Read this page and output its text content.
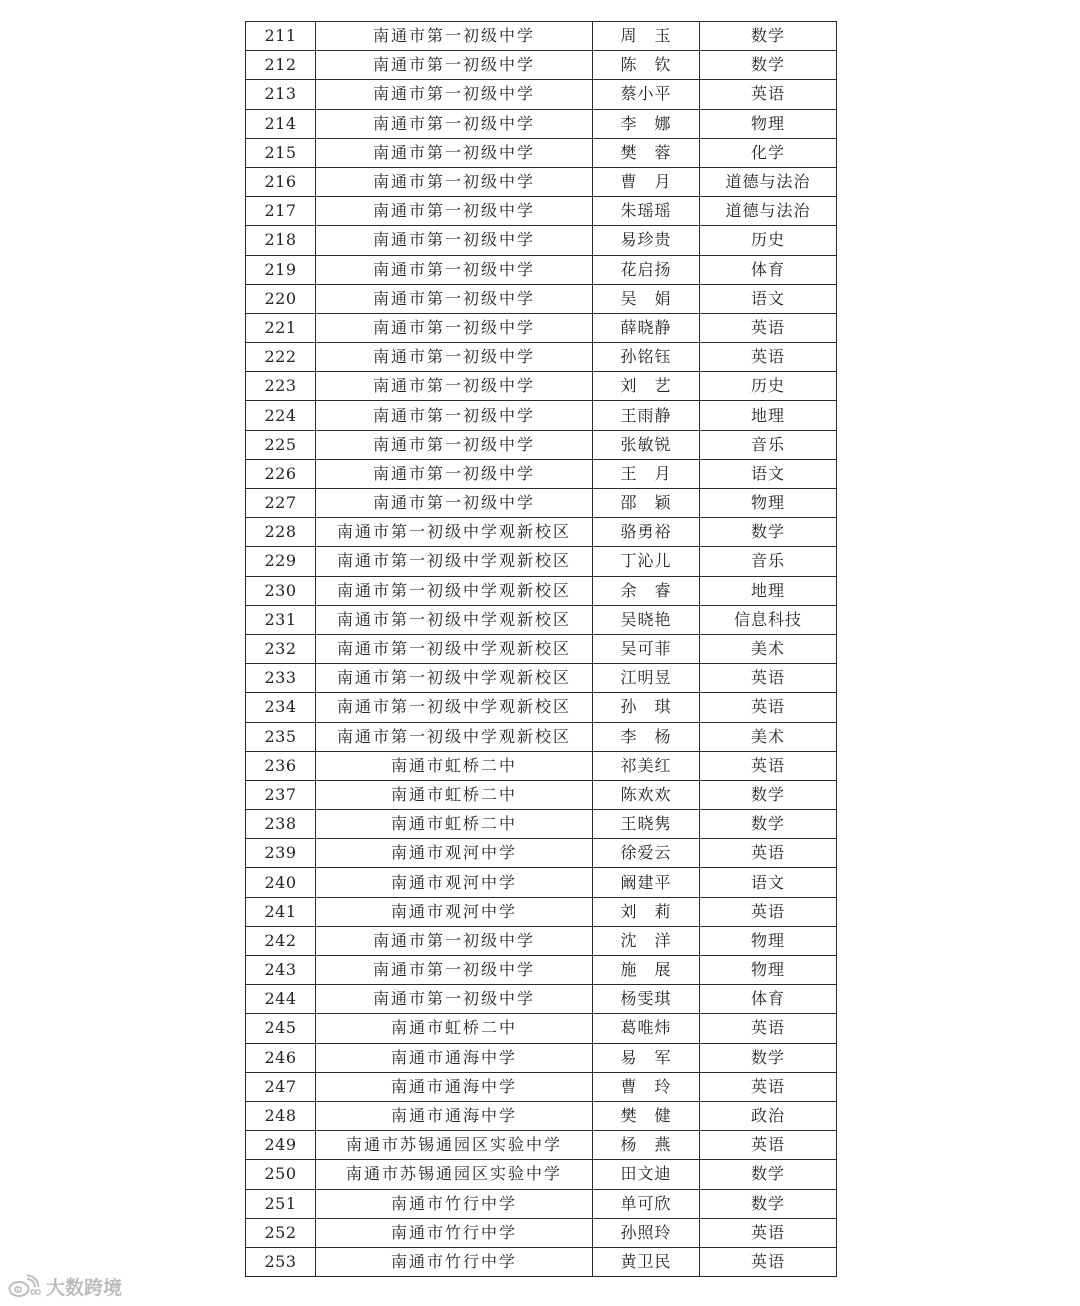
211	南通市第一初级中学	周　玉	数学
212	南通市第一初级中学	陈　钦	数学
213	南通市第一初级中学	蔡小平	英语
214	南通市第一初级中学	李　娜	物理
215	南通市第一初级中学	樊　蓉	化学
216	南通市第一初级中学	曹　月	道德与法治
217	南通市第一初级中学	朱瑶瑶	道德与法治
218	南通市第一初级中学	易珍贵	历史
219	南通市第一初级中学	花启扬	体育
220	南通市第一初级中学	吴　娟	语文
221	南通市第一初级中学	薛晓静	英语
222	南通市第一初级中学	孙铭钰	英语
223	南通市第一初级中学	刘　艺	历史
224	南通市第一初级中学	王雨静	地理
225	南通市第一初级中学	张敏锐	音乐
226	南通市第一初级中学	王　月	语文
227	南通市第一初级中学	邵　颖	物理
228	南通市第一初级中学观新校区	骆勇裕	数学
229	南通市第一初级中学观新校区	丁沁儿	音乐
230	南通市第一初级中学观新校区	余　睿	地理
231	南通市第一初级中学观新校区	吴晓艳	信息科技
232	南通市第一初级中学观新校区	吴可菲	美术
233	南通市第一初级中学观新校区	江明昱	英语
234	南通市第一初级中学观新校区	孙　琪	英语
235	南通市第一初级中学观新校区	李　杨	美术
236	南通市虹桥二中	祁美红	英语
237	南通市虹桥二中	陈欢欢	数学
238	南通市虹桥二中	王晓隽	数学
239	南通市观河中学	徐爱云	英语
240	南通市观河中学	阚建平	语文
241	南通市观河中学	刘　莉	英语
242	南通市第一初级中学	沈　洋	物理
243	南通市第一初级中学	施　展	物理
244	南通市第一初级中学	杨雯琪	体育
245	南通市虹桥二中	葛唯炜	英语
246	南通市通海中学	易　军	数学
247	南通市通海中学	曹　玲	英语
248	南通市通海中学	樊　健	政治
249	南通市苏锡通园区实验中学	杨　燕	英语
250	南通市苏锡通园区实验中学	田文迪	数学
251	南通市竹行中学	单可欣	数学
252	南通市竹行中学	孙照玲	英语
253	南通市竹行中学	黄卫民	英语
大数跨境
